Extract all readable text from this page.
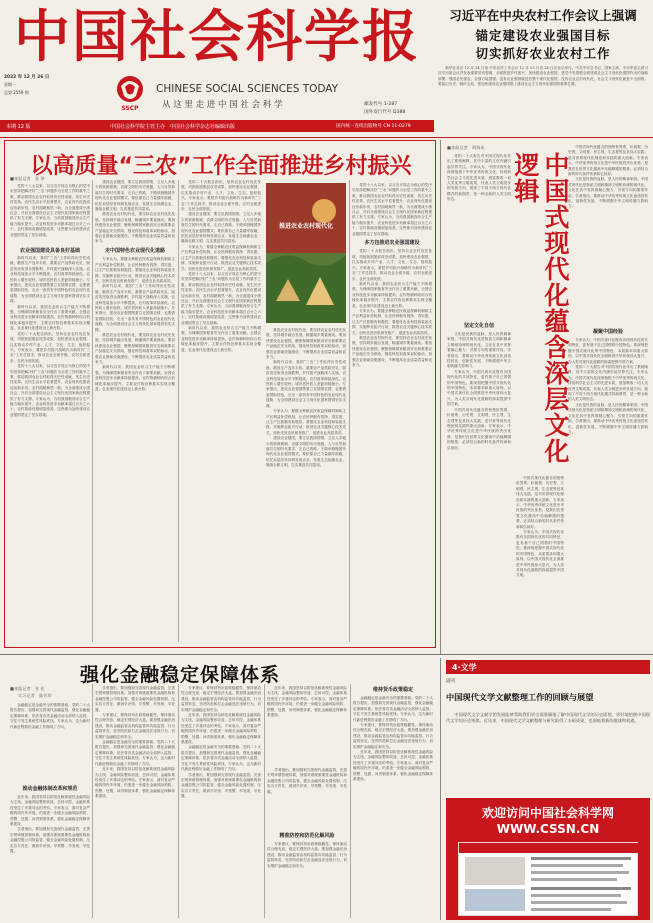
中国社会科学报
2022 年 12 月 26 日
星期一
总第 2559 期
SSCP
CHINESE SOCIAL SCIENCES TODAY
从 这 里 走 进 中 国 社 会 科 学	邮发代号 1-287
国外发行代号 D388
本期 12 版	中国社会科学院主管主办　中国社会科学杂志社编辑出版	国内统一连续出版物号 CN 11-0279
习近平在中央农村工作会议上强调
锚定建设农业强国目标
切实抓好农业农村工作
新华社北京 12 月 24 日电 中央农村工作会议 12 月 23 日至 24 日在北京举行。中共中央总书记、国家主席、中央军委主席习近平出席会议并发表重要讲话强调，全面推进乡村振兴，加快建设农业强国，是党中央着眼全面建成社会主义现代化强国作出的战略部署。强国必先强农，农强方能国强。没有农业强国就没有整个现代化强国；没有农业农村现代化，社会主义现代化就是不全面的。要铭记历史、胸怀全局，把加快建设农业强国摆上建设社会主义现代化强国的重要位置。
以高质量“三农”工作全面推进乡村振兴
■本报记者　张 译

党的十八大以来，以习近平同志为核心的党中央坚持把解决好“三农”问题作为全党工作的重中之重，推动我国农业农村取得历史性成就、发生历史性变革。农民生活水平显著提升，农业现代化建设迈出新步伐，农村面貌焕然一新，为全面建成小康社会、开启全面建设社会主义现代化国家新征程提供了有力支撑。专家认为，当前我国粮食综合生产能力稳步提升，农业科技进步贡献率超过百分之六十，农村基础设施明显改善，这些都为加快建设农业强国奠定了坚实基础。

农业强国建设具备良好基础

新时代以来，我国“三农”工作取得历史性成就，粮食生产连年丰收，重要农产品供给充足，脱贫攻坚取得全面胜利，乡村振兴战略深入实施，农业科技装备水平不断提高，农村改革持续深化。农民收入增长较快，城乡居民收入差距持续缩小。专家指出，建设农业强国既要立足国情农情，也要借鉴国际经验，走出一条具有中国特色的农业现代化道路，为全面建设社会主义现代化国家提供坚实支撑。

新时代以来，我国农业综合生产能力不断增强，为保障国家粮食安全作出了重要贡献。全国农业科技进步贡献率持续提高，农作物耕种收综合机械化率稳步提升，主要农作物良种基本实现全覆盖，农业现代化建设迈上新台阶。

党的二十大报告指出，坚持农业农村优先发展，巩固拓展脱贫攻坚成果，加快建设农业强国，扎实推动乡村产业、人才、文化、生态、组织振兴。专家表示，要把乡村振兴战略作为新时代“三农”工作总抓手，推动农业全面升级、农村全面进步、农民全面发展。

党的十八大以来，以习近平同志为核心的党中央坚持把解决好“三农”问题作为全党工作的重中之重，推动我国农业农村取得历史性成就、发生历史性变革。农民生活水平显著提升，农业现代化建设迈出新步伐，农村面貌焕然一新，为全面建成小康社会、开启全面建设社会主义现代化国家新征程提供了有力支撑。专家认为，当前我国粮食综合生产能力稳步提升，农业科技进步贡献率超过百分之六十，农村基础设施明显改善，这些都为加快建设农业强国奠定了坚实基础。

建设农业强国，要立足我国国情，立足人多地少的资源禀赋、农耕文明的历史底蕴、人与自然和谐共生的时代要求，走自己的路，不简单照搬国外现代化农业强国模式。要依靠自己力量端牢饭碗，依托双层经营体制发展农业，发展生态低碳农业，赓续农耕文明，扎实推进共同富裕。

推进农业农村现代化，要坚持农业农村优先发展，坚持城乡融合发展，畅通城乡要素流动。要加快建设农业强国，聚焦保障国家粮食安全和重要农产品稳定安全供给，强化科技和改革双轮驱动，加强农业基础设施建设，不断提高农业质量效益和竞争力。

走中国特色农业现代化道路

专家认为，要健全种粮农民收益保障机制和主产区利益补偿机制，让农民种粮有钱挣、得实惠，让主产区抓粮有积极性。要强化农业科技和装备支撑，实施种业振兴行动，推进农业关键核心技术攻关，加快先进农机研发推广，促进农业高质高效。

新时代以来，我国“三农”工作取得历史性成就，粮食生产连年丰收，重要农产品供给充足，脱贫攻坚取得全面胜利，乡村振兴战略深入实施，农业科技装备水平不断提高，农村改革持续深化。农民收入增长较快，城乡居民收入差距持续缩小。专家指出，建设农业强国既要立足国情农情，也要借鉴国际经验，走出一条具有中国特色的农业现代化道路，为全面建设社会主义现代化国家提供坚实支撑。

推进农业农村现代化，要坚持农业农村优先发展，坚持城乡融合发展，畅通城乡要素流动。要加快建设农业强国，聚焦保障国家粮食安全和重要农产品稳定安全供给，强化科技和改革双轮驱动，加强农业基础设施建设，不断提高农业质量效益和竞争力。

新时代以来，我国农业综合生产能力不断增强，为保障国家粮食安全作出了重要贡献。全国农业科技进步贡献率持续提高，农作物耕种收综合机械化率稳步提升，主要农作物良种基本实现全覆盖，农业现代化建设迈上新台阶。

党的二十大报告指出，坚持农业农村优先发展，巩固拓展脱贫攻坚成果，加快建设农业强国，扎实推动乡村产业、人才、文化、生态、组织振兴。专家表示，要把乡村振兴战略作为新时代“三农”工作总抓手，推动农业全面升级、农村全面进步、农民全面发展。

建设农业强国，要立足我国国情，立足人多地少的资源禀赋、农耕文明的历史底蕴、人与自然和谐共生的时代要求，走自己的路，不简单照搬国外现代化农业强国模式。要依靠自己力量端牢饭碗，依托双层经营体制发展农业，发展生态低碳农业，赓续农耕文明，扎实推进共同富裕。

专家认为，要健全种粮农民收益保障机制和主产区利益补偿机制，让农民种粮有钱挣、得实惠，让主产区抓粮有积极性。要强化农业科技和装备支撑，实施种业振兴行动，推进农业关键核心技术攻关，加快先进农机研发推广，促进农业高质高效。

党的十八大以来，以习近平同志为核心的党中央坚持把解决好“三农”问题作为全党工作的重中之重，推动我国农业农村取得历史性成就、发生历史性变革。农民生活水平显著提升，农业现代化建设迈出新步伐，农村面貌焕然一新，为全面建成小康社会、开启全面建设社会主义现代化国家新征程提供了有力支撑。专家认为，当前我国粮食综合生产能力稳步提升，农业科技进步贡献率超过百分之六十，农村基础设施明显改善，这些都为加快建设农业强国奠定了坚实基础。

新时代以来，我国农业综合生产能力不断增强，为保障国家粮食安全作出了重要贡献。全国农业科技进步贡献率持续提高，农作物耕种收综合机械化率稳步提升，主要农作物良种基本实现全覆盖，农业现代化建设迈上新台阶。

推进农业农村现代化

推进农业农村现代化，要坚持农业农村优先发展，坚持城乡融合发展，畅通城乡要素流动。要加快建设农业强国，聚焦保障国家粮食安全和重要农产品稳定安全供给，强化科技和改革双轮驱动，加强农业基础设施建设，不断提高农业质量效益和竞争力。

新时代以来，我国“三农”工作取得历史性成就，粮食生产连年丰收，重要农产品供给充足，脱贫攻坚取得全面胜利，乡村振兴战略深入实施，农业科技装备水平不断提高，农村改革持续深化。农民收入增长较快，城乡居民收入差距持续缩小。专家指出，建设农业强国既要立足国情农情，也要借鉴国际经验，走出一条具有中国特色的农业现代化道路，为全面建设社会主义现代化国家提供坚实支撑。

专家认为，要健全种粮农民收益保障机制和主产区利益补偿机制，让农民种粮有钱挣、得实惠，让主产区抓粮有积极性。要强化农业科技和装备支撑，实施种业振兴行动，推进农业关键核心技术攻关，加快先进农机研发推广，促进农业高质高效。

建设农业强国，要立足我国国情，立足人多地少的资源禀赋、农耕文明的历史底蕴、人与自然和谐共生的时代要求，走自己的路，不简单照搬国外现代化农业强国模式。要依靠自己力量端牢饭碗，依托双层经营体制发展农业，发展生态低碳农业，赓续农耕文明，扎实推进共同富裕。

党的十八大以来，以习近平同志为核心的党中央坚持把解决好“三农”问题作为全党工作的重中之重，推动我国农业农村取得历史性成就、发生历史性变革。农民生活水平显著提升，农业现代化建设迈出新步伐，农村面貌焕然一新，为全面建成小康社会、开启全面建设社会主义现代化国家新征程提供了有力支撑。专家认为，当前我国粮食综合生产能力稳步提升，农业科技进步贡献率超过百分之六十，农村基础设施明显改善，这些都为加快建设农业强国奠定了坚实基础。

多方包推进农业强国建设

党的二十大报告指出，坚持农业农村优先发展，巩固拓展脱贫攻坚成果，加快建设农业强国，扎实推动乡村产业、人才、文化、生态、组织振兴。专家表示，要把乡村振兴战略作为新时代“三农”工作总抓手，推动农业全面升级、农村全面进步、农民全面发展。

新时代以来，我国农业综合生产能力不断增强，为保障国家粮食安全作出了重要贡献。全国农业科技进步贡献率持续提高，农作物耕种收综合机械化率稳步提升，主要农作物良种基本实现全覆盖，农业现代化建设迈上新台阶。

专家认为，要健全种粮农民收益保障机制和主产区利益补偿机制，让农民种粮有钱挣、得实惠，让主产区抓粮有积极性。要强化农业科技和装备支撑，实施种业振兴行动，推进农业关键核心技术攻关，加快先进农机研发推广，促进农业高质高效。

推进农业农村现代化，要坚持农业农村优先发展，坚持城乡融合发展，畅通城乡要素流动。要加快建设农业强国，聚焦保障国家粮食安全和重要农产品稳定安全供给，强化科技和改革双轮驱动，加强农业基础设施建设，不断提高农业质量效益和竞争力。

■本报记者　明海英

党的二十大报告对中国式现代化作出了系统阐释，其中丰富的文化内涵引起学界关注。专家认为，中国式现代化深深植根于中华优秀传统文化，体现科学社会主义的先进本质，借鉴吸收一切人类优秀文明成果，代表人类文明进步的发展方向，展现了不同于西方现代化模式的新图景，是一种全新的人类文明形态。	中国式现代化蕴含深层文化逻辑

中国式现代化蕴含的独特世界观、价值观、历史观、文明观、民主观、生态观等及其伟大实践，是对世界现代化理论和实践的重大创新。专家表示，中华优秀传统文化是中华民族的突出优势，是我们在世界文化激荡中站稳脚跟的根基，必须结合新的时代条件传承和弘扬好。

文化是民族的血脉，是人民的精神家园。中国式现代化是物质文明和精神文明相协调的现代化，文化在其中发挥着凝心聚力、引领方向的重要作用。学者指出，要推动中华优秀传统文化创造性转化、创新性发展，不断增强中华文明传播力影响力。

坚定文化自信

文化是民族的血脉，是人民的精神家园。中国式现代化是物质文明和精神文明相协调的现代化，文化在其中发挥着凝心聚力、引领方向的重要作用。学者指出，要推动中华优秀传统文化创造性转化、创新性发展，不断增强中华文明传播力影响力。

专家认为，中国式现代化既有各国现代化的共同特征，更有基于自己国情的中国特色。要深刻把握中国式现代化的中国特色、本质要求和重大原则，以中国式现代化全面推进中华民族伟大复兴，为人类对现代化道路的探索提供中国方案。

中国式现代化蕴含的独特世界观、价值观、历史观、文明观、民主观、生态观等及其伟大实践，是对世界现代化理论和实践的重大创新。专家表示，中华优秀传统文化是中华民族的突出优势，是我们在世界文化激荡中站稳脚跟的根基，必须结合新的时代条件传承和弘扬好。

凝聚中国经验

专家认为，中国式现代化既有各国现代化的共同特征，更有基于自己国情的中国特色。要深刻把握中国式现代化的中国特色、本质要求和重大原则，以中国式现代化全面推进中华民族伟大复兴，为人类对现代化道路的探索提供中国方案。

党的二十大报告对中国式现代化作出了系统阐释，其中丰富的文化内涵引起学界关注。专家认为，中国式现代化深深植根于中华优秀传统文化，体现科学社会主义的先进本质，借鉴吸收一切人类优秀文明成果，代表人类文明进步的发展方向，展现了不同于西方现代化模式的新图景，是一种全新的人类文明形态。

文化是民族的血脉，是人民的精神家园。中国式现代化是物质文明和精神文明相协调的现代化，文化在其中发挥着凝心聚力、引领方向的重要作用。学者指出，要推动中华优秀传统文化创造性转化、创新性发展，不断增强中华文明传播力影响力。

中国式现代化蕴含的独特世界观、价值观、历史观、文明观、民主观、生态观等及其伟大实践，是对世界现代化理论和实践的重大创新。专家表示，中华优秀传统文化是中华民族的突出优势，是我们在世界文化激荡中站稳脚跟的根基，必须结合新的时代条件传承和弘扬好。

专家认为，中国式现代化既有各国现代化的共同特征，更有基于自己国情的中国特色。要深刻把握中国式现代化的中国特色、本质要求和重大原则，以中国式现代化全面推进中华民族伟大复兴，为人类对现代化道路的探索提供中国方案。

强化金融稳定保障体系
■本报记者　张 佳
实习记者　陈芳珍

金融稳定是金融安全的重要基础。党的二十大报告提出，加强和完善现代金融监管，强化金融稳定保障体系，依法将各类金融活动全部纳入监管，守住不发生系统性风险底线。专家认为，这为新时代新征程做好金融工作指明了方向。

推动金融体制改革和规范

近年来，我国坚持以防范化解系统性金融风险为主线，金融风险整体收敛、总体可控，金融体系经受住了多重冲击的考验。专家表示，面对复杂严峻的国内外环境，仍需进一步健全金融风险预防、预警、处置、问责制度体系，强化金融稳定保障体系建设。

学者指出，要加强和完善现代金融监管，完善宏观审慎管理体系，加强对系统重要性金融机构和金融控股公司的监管，健全金融风险处置机制，压实各方责任，做到早识别、早预警、早发现、早处置。

学者指出，要加强和完善现代金融监管，完善宏观审慎管理体系，加强对系统重要性金融机构和金融控股公司的监管，健全金融风险处置机制，压实各方责任，做到早识别、早预警、早发现、早处置。

专家建议，要保持货币政策稳健性，保持流动性合理充裕，稳定宏观经济大盘。要加强金融法治建设，推动金融监管由机构监管向功能监管、行为监管转变，坚决防范和打击金融违法违规行为，切实维护金融稳定和安全。

金融稳定是金融安全的重要基础。党的二十大报告提出，加强和完善现代金融监管，强化金融稳定保障体系，依法将各类金融活动全部纳入监管，守住不发生系统性风险底线。专家认为，这为新时代新征程做好金融工作指明了方向。

近年来，我国坚持以防范化解系统性金融风险为主线，金融风险整体收敛、总体可控，金融体系经受住了多重冲击的考验。专家表示，面对复杂严峻的国内外环境，仍需进一步健全金融风险预防、预警、处置、问责制度体系，强化金融稳定保障体系建设。

专家建议，要保持货币政策稳健性，保持流动性合理充裕，稳定宏观经济大盘。要加强金融法治建设，推动金融监管由机构监管向功能监管、行为监管转变，坚决防范和打击金融违法违规行为，切实维护金融稳定和安全。

近年来，我国坚持以防范化解系统性金融风险为主线，金融风险整体收敛、总体可控，金融体系经受住了多重冲击的考验。专家表示，面对复杂严峻的国内外环境，仍需进一步健全金融风险预防、预警、处置、问责制度体系，强化金融稳定保障体系建设。

金融稳定是金融安全的重要基础。党的二十大报告提出，加强和完善现代金融监管，强化金融稳定保障体系，依法将各类金融活动全部纳入监管，守住不发生系统性风险底线。专家认为，这为新时代新征程做好金融工作指明了方向。

学者指出，要加强和完善现代金融监管，完善宏观审慎管理体系，加强对系统重要性金融机构和金融控股公司的监管，健全金融风险处置机制，压实各方责任，做到早识别、早预警、早发现、早处置。

近年来，我国坚持以防范化解系统性金融风险为主线，金融风险整体收敛、总体可控，金融体系经受住了多重冲击的考验。专家表示，面对复杂严峻的国内外环境，仍需进一步健全金融风险预防、预警、处置、问责制度体系，强化金融稳定保障体系建设。

精准防控和防范化解风险

学者指出，要加强和完善现代金融监管，完善宏观审慎管理体系，加强对系统重要性金融机构和金融控股公司的监管，健全金融风险处置机制，压实各方责任，做到早识别、早预警、早发现、早处置。

专家建议，要保持货币政策稳健性，保持流动性合理充裕，稳定宏观经济大盘。要加强金融法治建设，推动金融监管由机构监管向功能监管、行为监管转变，坚决防范和打击金融违法违规行为，切实维护金融稳定和安全。

维持货币政策稳定

金融稳定是金融安全的重要基础。党的二十大报告提出，加强和完善现代金融监管，强化金融稳定保障体系，依法将各类金融活动全部纳入监管，守住不发生系统性风险底线。专家认为，这为新时代新征程做好金融工作指明了方向。

专家建议，要保持货币政策稳健性，保持流动性合理充裕，稳定宏观经济大盘。要加强金融法治建设，推动金融监管由机构监管向功能监管、行为监管转变，坚决防范和打击金融违法违规行为，切实维护金融稳定和安全。

近年来，我国坚持以防范化解系统性金融风险为主线，金融风险整体收敛、总体可控，金融体系经受住了多重冲击的考验。专家表示，面对复杂严峻的国内外环境，仍需进一步健全金融风险预防、预警、处置、问责制度体系，强化金融稳定保障体系建设。

4·文学
副刊
中国现代文学文献整理工作的回顾与展望
中国现代文学文献学的发展能够帮助我们更全面准确地了解中国现代文学的历史面貌，更好地把握中国现代文学的历史规律。近年来，中国现代文学文献整理与研究取得了丰硕成果，也面临着新的挑战和机遇。
欢迎访问中国社会科学网
WWW.CSSN.CN
